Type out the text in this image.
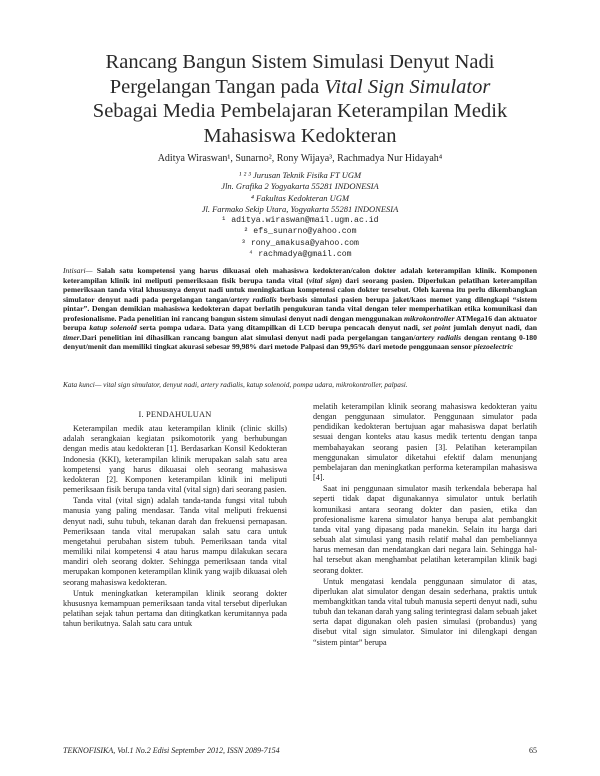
Rancang Bangun Sistem Simulasi Denyut Nadi
Pergelangan Tangan pada Vital Sign Simulator
Sebagai Media Pembelajaran Keterampilan Medik
Mahasiswa Kedokteran
Aditya Wiraswan¹, Sunarno², Rony Wijaya³, Rachmadya Nur Hidayah⁴
¹ ² ³ Jurusan Teknik Fisika FT UGM
Jln. Grafika 2 Yogyakarta 55281 INDONESIA
⁴ Fakultas Kedokteran UGM
Jl. Farmako Sekip Utara, Yogyakarta 55281 INDONESIA
¹ aditya.wiraswan@mail.ugm.ac.id
² efs_sunarno@yahoo.com
³ rony_amakusa@yahoo.com
⁴ rachmadya@gmail.com
Intisari— Salah satu kompetensi yang harus dikuasai oleh mahasiswa kedokteran/calon dokter adalah keterampilan klinik. Komponen keterampilan klinik ini meliputi pemeriksaan fisik berupa tanda vital (vital sign) dari seorang pasien. Diperlukan pelatihan keterampilan pemeriksaan tanda vital khususnya denyut nadi untuk meningkatkan kompetensi calon dokter tersebut. Oleh karena itu perlu dikembangkan simulator denyut nadi pada pergelangan tangan/artery radialis berbasis simulasi pasien berupa jaket/kaos memet yang dilengkapi “sistem pintar”. Dengan demikian mahasiswa kedokteran dapat berlatih pengukuran tanda vital dengan teler memperhatikan etika komunikasi dan profesionalisme. Pada penelitian ini rancang bangun sistem simulasi denyut nadi dengan menggunakan mikrokontroller ATMega16 dan aktuator berupa katup solenoid serta pompa udara. Data yang ditampilkan di LCD berupa pencacah denyut nadi, set point jumlah denyut nadi, dan timer.Dari penelitian ini dihasilkan rancang bangun alat simulasi denyut nadi pada pergelangan tangan/artery radialis dengan rentang 0-180 denyut/menit dan memiliki tingkat akurasi sebesar 99,98% dari metode Palpasi dan 99,95% dari metode penggunaan sensor piezoelectric
Kata kunci— vital sign simulator, denyut nadi, artery radialis, katup solenoid, pompa udara, mikrokontroller, palpasi.
I. PENDAHULUAN

Keterampilan medik atau keterampilan klinik (clinic skills) adalah serangkaian kegiatan psikomotorik yang berhubungan dengan medis atau kedokteran [1]. Berdasarkan Konsil Kedokteran Indonesia (KKI), keterampilan klinik merupakan salah satu area kompetensi yang harus dikuasai oleh seorang mahasiswa kedokteran [2]. Komponen keterampilan klinik ini meliputi pemeriksaan fisik berupa tanda vital (vital sign) dari seorang pasien.

Tanda vital (vital sign) adalah tanda-tanda fungsi vital tubuh manusia yang paling mendasar. Tanda vital meliputi frekuensi denyut nadi, suhu tubuh, tekanan darah dan frekuensi pernapasan. Pemeriksaan tanda vital merupakan salah satu cara untuk mengetahui perubahan sistem tubuh. Pemeriksaan tanda vital memiliki nilai kompetensi 4 atau harus mampu dilakukan secara mandiri oleh seorang dokter. Sehingga pemeriksaan tanda vital merupakan komponen keterampilan klinik yang wajib dikuasai oleh seorang mahasiswa kedokteran.

Untuk meningkatkan keterampilan klinik seorang dokter khususnya kemampuan pemeriksaan tanda vital tersebut diperlukan pelatihan sejak tahun pertama dan ditingkatkan kerumitannya pada tahun berikutnya. Salah satu cara untuk

melatih keterampilan klinik seorang mahasiswa kedokteran yaitu dengan penggunaan simulator. Penggunaan simulator pada pendidikan kedokteran bertujuan agar mahasiswa dapat berlatih sesuai dengan konteks atau kasus medik tertentu dengan tanpa membahayakan seorang pasien [3]. Pelatihan keterampilan menggunakan simulator diketahui efektif dalam menunjang pembelajaran dan meningkatkan performa keterampilan mahasiswa [4].

Saat ini penggunaan simulator masih terkendala beberapa hal seperti tidak dapat digunakannya simulator untuk berlatih komunikasi antara seorang dokter dan pasien, etika dan profesionalisme karena simulator hanya berupa alat pembangkit tanda vital yang dipasang pada manekin. Selain itu harga dari sebuah alat simulasi yang masih relatif mahal dan pembeliannya harus memesan dan mendatangkan dari negara lain. Sehingga hal-hal tersebut akan menghambat pelatihan keterampilan klinik bagi seorang dokter.

Untuk mengatasi kendala penggunaan simulator di atas, diperlukan alat simulator dengan desain sederhana, praktis untuk membangkitkan tanda vital tubuh manusia seperti denyut nadi, suhu tubuh dan tekanan darah yang saling terintegrasi dalam sebuah jaket serta dapat digunakan oleh pasien simulasi (probandus) yang disebut vital sign simulator. Simulator ini dilengkapi dengan “sistem pintar” berupa

TEKNOFISIKA, Vol.1 No.2 Edisi September 2012, ISSN 2089-7154	65
